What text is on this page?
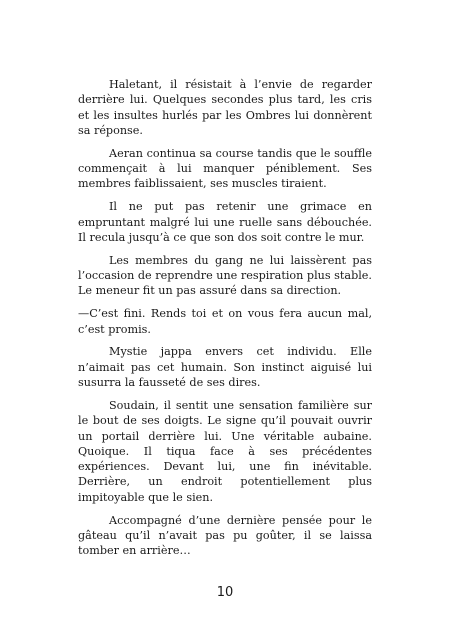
Haletant, il résistait à l’envie de regarder derrière lui. Quelques secondes plus tard, les cris et les insultes hurlés par les Ombres lui donnèrent sa réponse.

Aeran continua sa course tandis que le souffle commençait à lui manquer péniblement. Ses membres faiblissaient, ses muscles tiraient.

Il ne put pas retenir une grimace en empruntant malgré lui une ruelle sans débouchée. Il recula jusqu’à ce que son dos soit contre le mur.

Les membres du gang ne lui laissèrent pas l’occasion de reprendre une respiration plus stable. Le meneur fit un pas assuré dans sa direction.

—C’est fini. Rends toi et on vous fera aucun mal, c’est promis.

Mystie jappa envers cet individu. Elle n’aimait pas cet humain. Son instinct aiguisé lui susurra la fausseté de ses dires.

Soudain, il sentit une sensation familière sur le bout de ses doigts. Le signe qu’il pouvait ouvrir un portail derrière lui. Une véritable aubaine. Quoique. Il tiqua face à ses précédentes expériences. Devant lui, une fin inévitable. Derrière, un endroit potentiellement plus impitoyable que le sien.

Accompagné d’une dernière pensée pour le gâteau qu’il n’avait pas pu goûter, il se laissa tomber en arrière…

10
